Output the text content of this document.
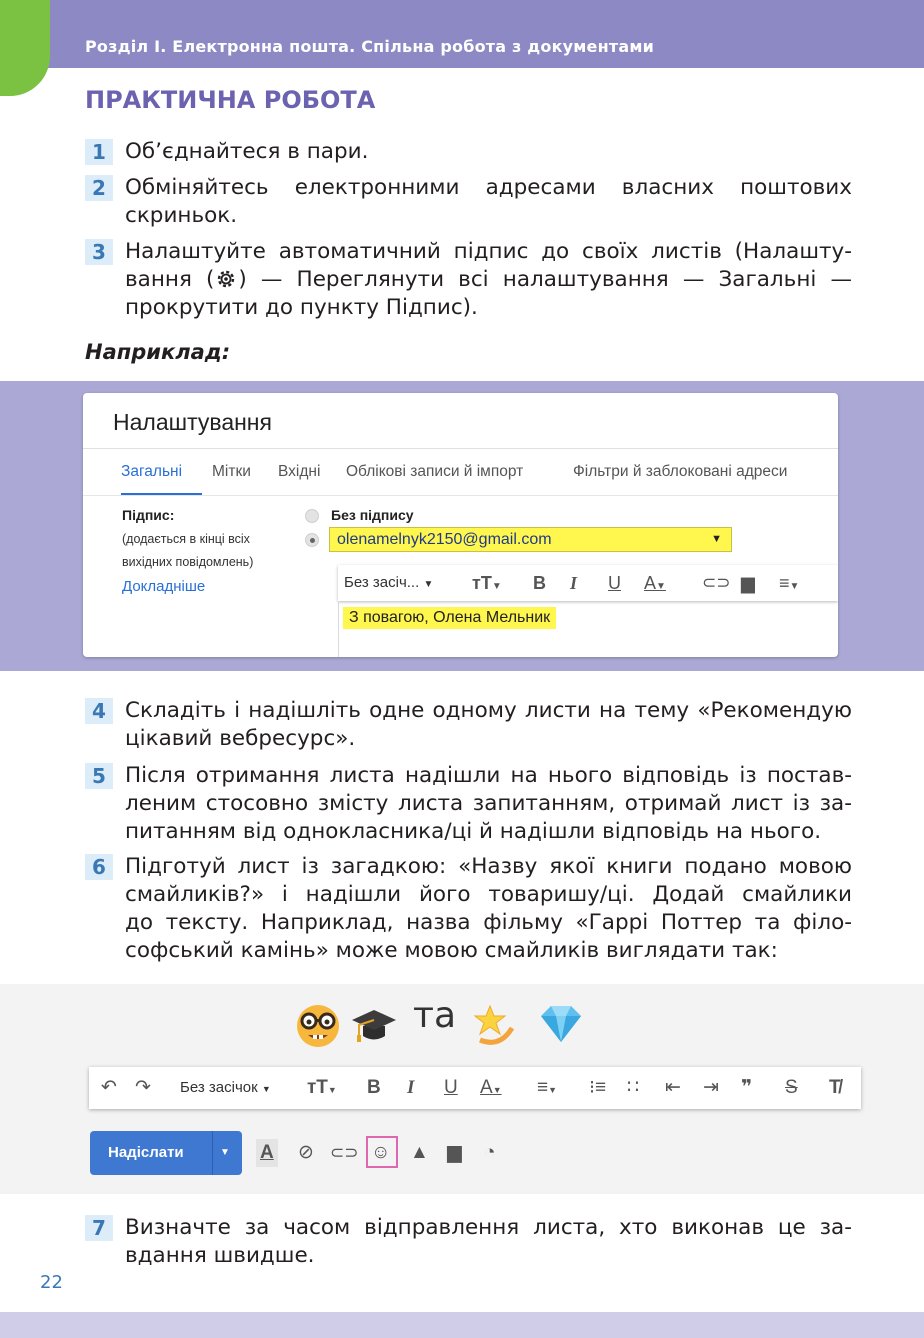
Розділ І. Електронна пошта. Спільна робота з документами
ПРАКТИЧНА РОБОТА
1 Об’єднайтеся в пари.
2 Обміняйтесь електронними адресами власних поштових
скриньок.
3 Налаштуйте автоматичний підпис до своїх листів (Налашту-
вання ( ) — Переглянути всі налаштування — Загальні —
прокрутити до пункту Підпис).
Наприклад:
Налаштування
Загальні Мітки Вхідні Облікові записи й імпорт	Фільтри й заблоковані адреси
Підпис:
(додається в кінці всіх
вихідних повідомлень)
Докладніше
Без підпису
olenamelnyk2150@gmail.com	▼
Без засіч... ▼ тT▼ B I U A▼ ⊂⊃ ▆ ≡▼
З повагою, Олена Мельник
4 Складіть і надішліть одне одному листи на тему «Рекомендую
цікавий вебресурс».
5 Після отримання листа надішли на нього відповідь із постав-
леним стосовно змісту листа запитанням, отримай лист із за-
питанням від однокласника/ці й надішли відповідь на нього.
6 Підготуй лист із загадкою: «Назву якої книги подано мовою
смайликів?» і надішли його товаришу/ці. Додай смайлики
до тексту. Наприклад, назва фільму «Гаррі Поттер та філо-
софський камінь» може мовою смайликів виглядати так:
та
↶ ↷ Без засічок ▼ тT▼ B I U A▼ ≡▼ ⁝≡ ∷ ⇤ ⇥ ❞ S T̸
Надіслати	▼ A ⊘ ⊂⊃ ☺ ▲ ▆ ◔
7 Визначте за часом відправлення листа, хто виконав це за-
вдання швидше.
22
